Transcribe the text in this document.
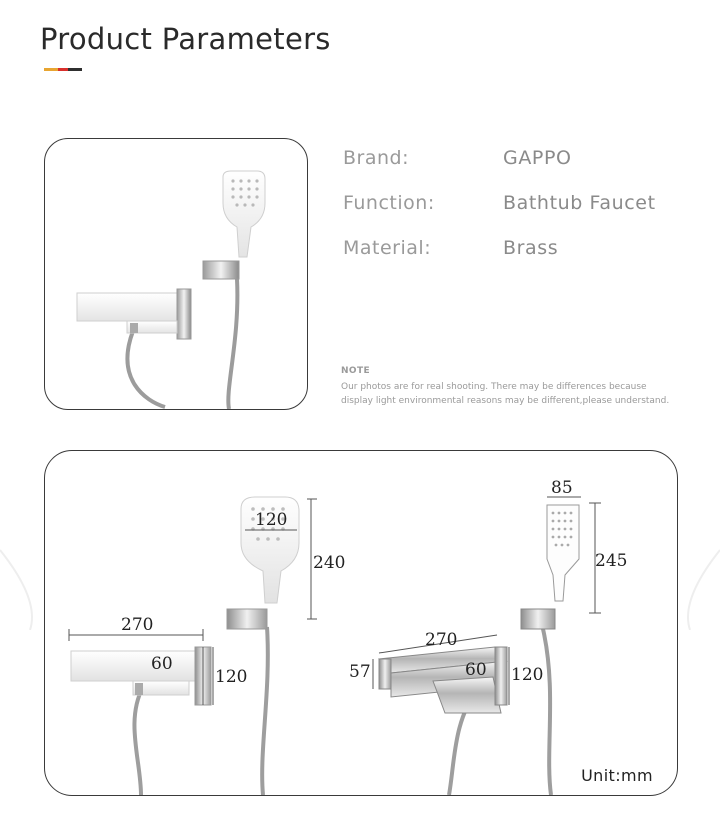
Product Parameters
Brand:	GAPPO
Function:	Bathtub Faucet
Material:	Brass
NOTE
Our photos are for real shooting. There may be differences because
display light environmental reasons may be different,please understand.
270
60
120
120
240
85
245
270
57	60 120
Unit:mm
